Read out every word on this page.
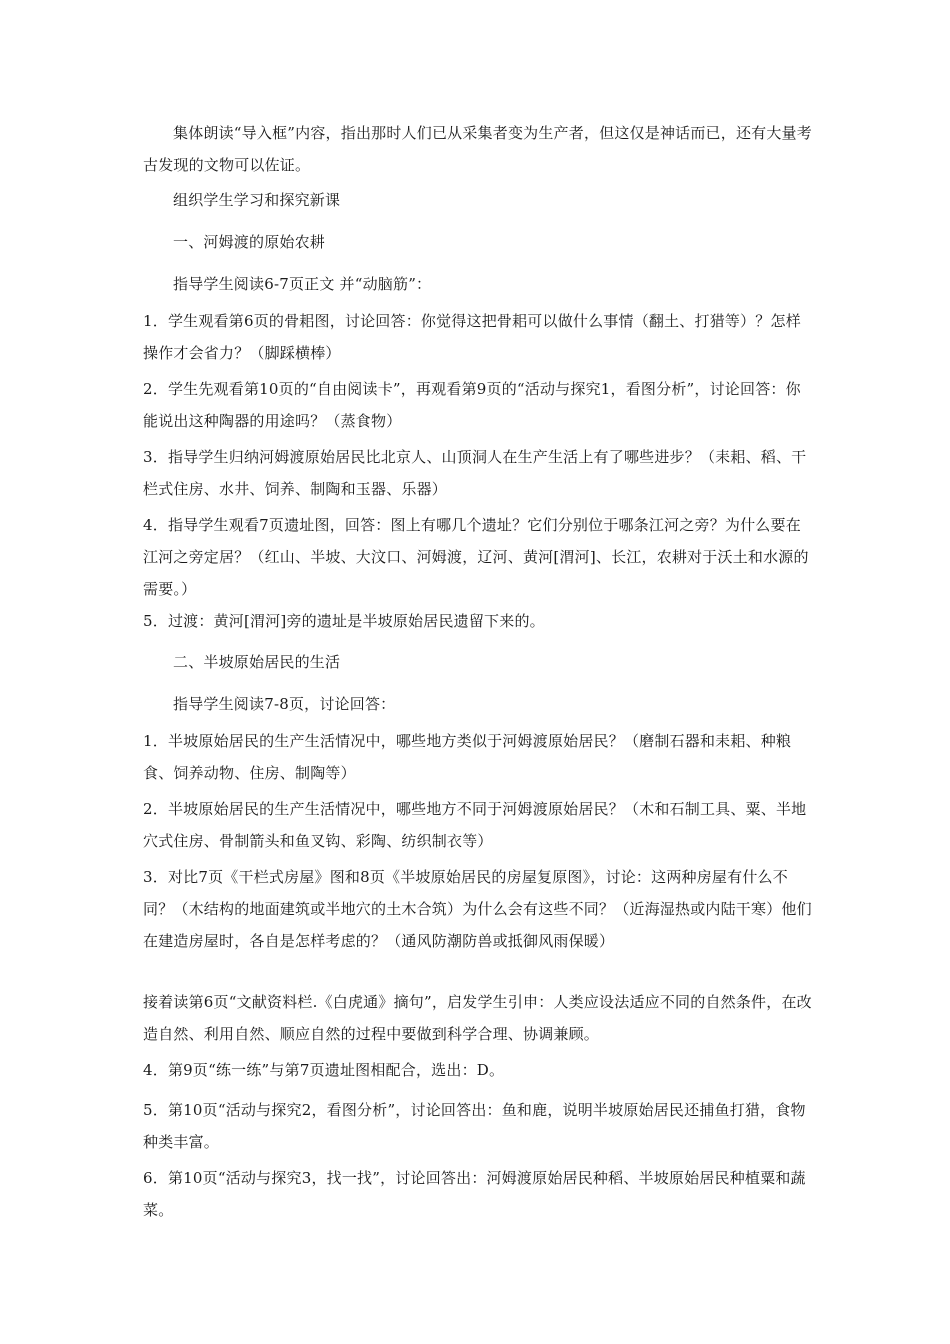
集体朗读“导入框”内容，指出那时人们已从采集者变为生产者，但这仅是神话而已，还有大量考古发现的文物可以佐证。

组织学生学习和探究新课

一、河姆渡的原始农耕

指导学生阅读6-7页正文 并“动脑筋”：

1．学生观看第6页的骨耜图，讨论回答：你觉得这把骨耜可以做什么事情（翻土、打猎等）？怎样操作才会省力？（脚踩横棒）

2．学生先观看第10页的“自由阅读卡”，再观看第9页的“活动与探究1，看图分析”，讨论回答：你能说出这种陶器的用途吗？（蒸食物）

3．指导学生归纳河姆渡原始居民比北京人、山顶洞人在生产生活上有了哪些进步？（耒耜、稻、干栏式住房、水井、饲养、制陶和玉器、乐器）

4．指导学生观看7页遗址图，回答：图上有哪几个遗址？它们分别位于哪条江河之旁？为什么要在江河之旁定居？（红山、半坡、大汶口、河姆渡，辽河、黄河[渭河]、长江，农耕对于沃土和水源的需要。）

5．过渡：黄河[渭河]旁的遗址是半坡原始居民遗留下来的。

二、半坡原始居民的生活

指导学生阅读7-8页，讨论回答：

1．半坡原始居民的生产生活情况中，哪些地方类似于河姆渡原始居民？（磨制石器和耒耜、种粮食、饲养动物、住房、制陶等）

2．半坡原始居民的生产生活情况中，哪些地方不同于河姆渡原始居民？（木和石制工具、粟、半地穴式住房、骨制箭头和鱼叉钩、彩陶、纺织制衣等）

3．对比7页《干栏式房屋》图和8页《半坡原始居民的房屋复原图》，讨论：这两种房屋有什么不同？（木结构的地面建筑或半地穴的土木合筑）为什么会有这些不同？（近海湿热或内陆干寒）他们在建造房屋时，各自是怎样考虑的？（通风防潮防兽或抵御风雨保暖）

接着读第6页“文献资料栏.《白虎通》摘句”，启发学生引申：人类应设法适应不同的自然条件，在改造自然、利用自然、顺应自然的过程中要做到科学合理、协调兼顾。

4．第9页“练一练”与第7页遗址图相配合，选出：D。

5．第10页“活动与探究2，看图分析”，讨论回答出：鱼和鹿，说明半坡原始居民还捕鱼打猎，食物种类丰富。

6．第10页“活动与探究3，找一找”，讨论回答出：河姆渡原始居民种稻、半坡原始居民种植粟和蔬菜。
